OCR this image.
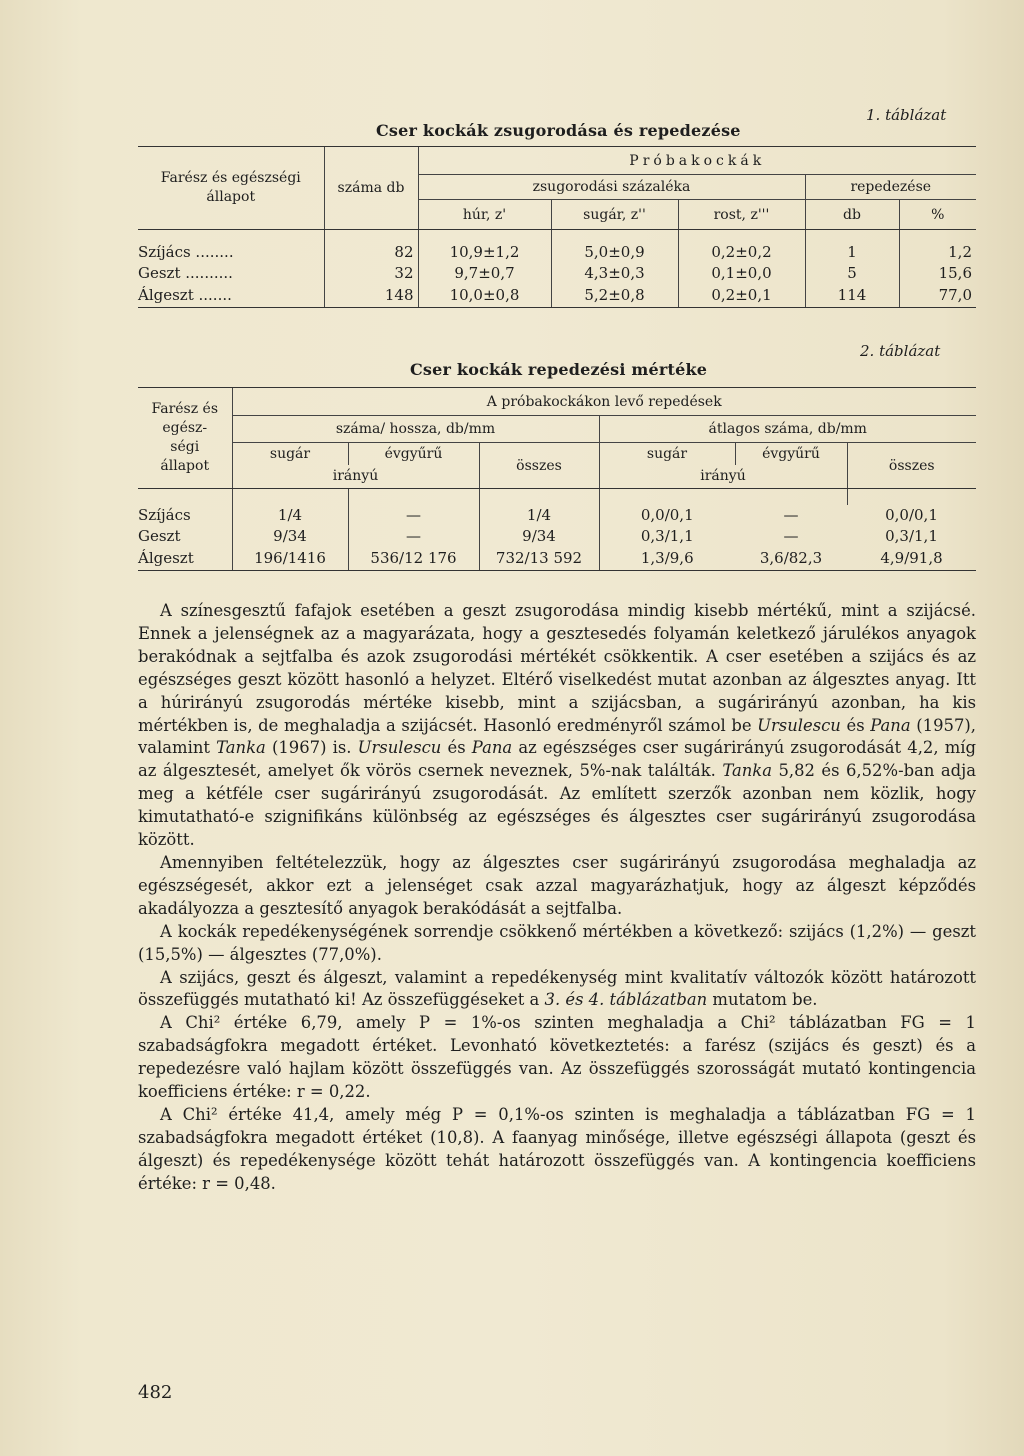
1. táblázat
Cser kockák zsugorodása és repedezése
Farész és egészségi állapot	száma db	Próbakockák				
		zsugorodási százaléka			repedezése	
		húr, z'	sugár, z''	rost, z'''	db	%

Szíjács ........	82	10,9±1,2	5,0±0,9	0,2±0,2	1	1,2
Geszt ..........	32	9,7±0,7	4,3±0,3	0,1±0,0	5	15,6
Álgeszt .......	148	10,0±0,8	5,2±0,8	0,2±0,1	114	77,0
2. táblázat
Cser kockák repedezési mértéke
Farész és egész-ségi állapot	A próbakockákon levő repedések					
	száma/ hossza, db/mm			átlagos száma, db/mm		
	sugár	évgyűrű	összes	sugár	évgyűrű	összes
	irányú			irányú		

Szíjács	1/4	—	1/4	0,0/0,1	—	0,0/0,1
Geszt	9/34	—	9/34	0,3/1,1	—	0,3/1,1
Álgeszt	196/1416	536/12 176	732/13 592	1,3/9,6	3,6/82,3	4,9/91,8

A színesgesztű fafajok esetében a geszt zsugorodása mindig kisebb mértékű, mint a szijácsé. Ennek a jelenségnek az a magyarázata, hogy a gesztesedés folyamán keletkező járulékos anyagok berakódnak a sejtfalba és azok zsugorodási mértékét csökkentik. A cser esetében a szijács és az egészséges geszt között hasonló a helyzet. Eltérő viselkedést mutat azonban az álgesztes anyag. Itt a húrirányú zsugorodás mértéke kisebb, mint a szijácsban, a sugárirányú azonban, ha kis mértékben is, de meghaladja a szijácsét. Hasonló eredményről számol be Ursulescu és Pana (1957), valamint Tanka (1967) is. Ursulescu és Pana az egészséges cser sugárirányú zsugorodását 4,2, míg az álgesztesét, amelyet ők vörös csernek neveznek, 5%-nak találták. Tanka 5,82 és 6,52%-ban adja meg a kétféle cser sugárirányú zsugorodását. Az említett szerzők azonban nem közlik, hogy kimutatható-e szignifikáns különbség az egészséges és álgesztes cser sugárirányú zsugorodása között.

Amennyiben feltételezzük, hogy az álgesztes cser sugárirányú zsugorodása meghaladja az egészségesét, akkor ezt a jelenséget csak azzal magyarázhatjuk, hogy az álgeszt képződés akadályozza a gesztesítő anyagok berakódását a sejtfalba.

A kockák repedékenységének sorrendje csökkenő mértékben a következő: szijács (1,2%) — geszt (15,5%) — álgesztes (77,0%).

A szijács, geszt és álgeszt, valamint a repedékenység mint kvalitatív változók között határozott összefüggés mutatható ki! Az összefüggéseket a 3. és 4. táblázatban mutatom be.

A Chi² értéke 6,79, amely P = 1%-os szinten meghaladja a Chi² táblázatban FG = 1 szabadságfokra megadott értéket. Levonható következtetés: a farész (szijács és geszt) és a repedezésre való hajlam között összefüggés van. Az összefüggés szorosságát mutató kontingencia koefficiens értéke: r = 0,22.

A Chi² értéke 41,4, amely még P = 0,1%-os szinten is meghaladja a táblázatban FG = 1 szabadságfokra megadott értéket (10,8). A faanyag minősége, illetve egészségi állapota (geszt és álgeszt) és repedékenysége között tehát határozott összefüggés van. A kontingencia koefficiens értéke: r = 0,48.

482
